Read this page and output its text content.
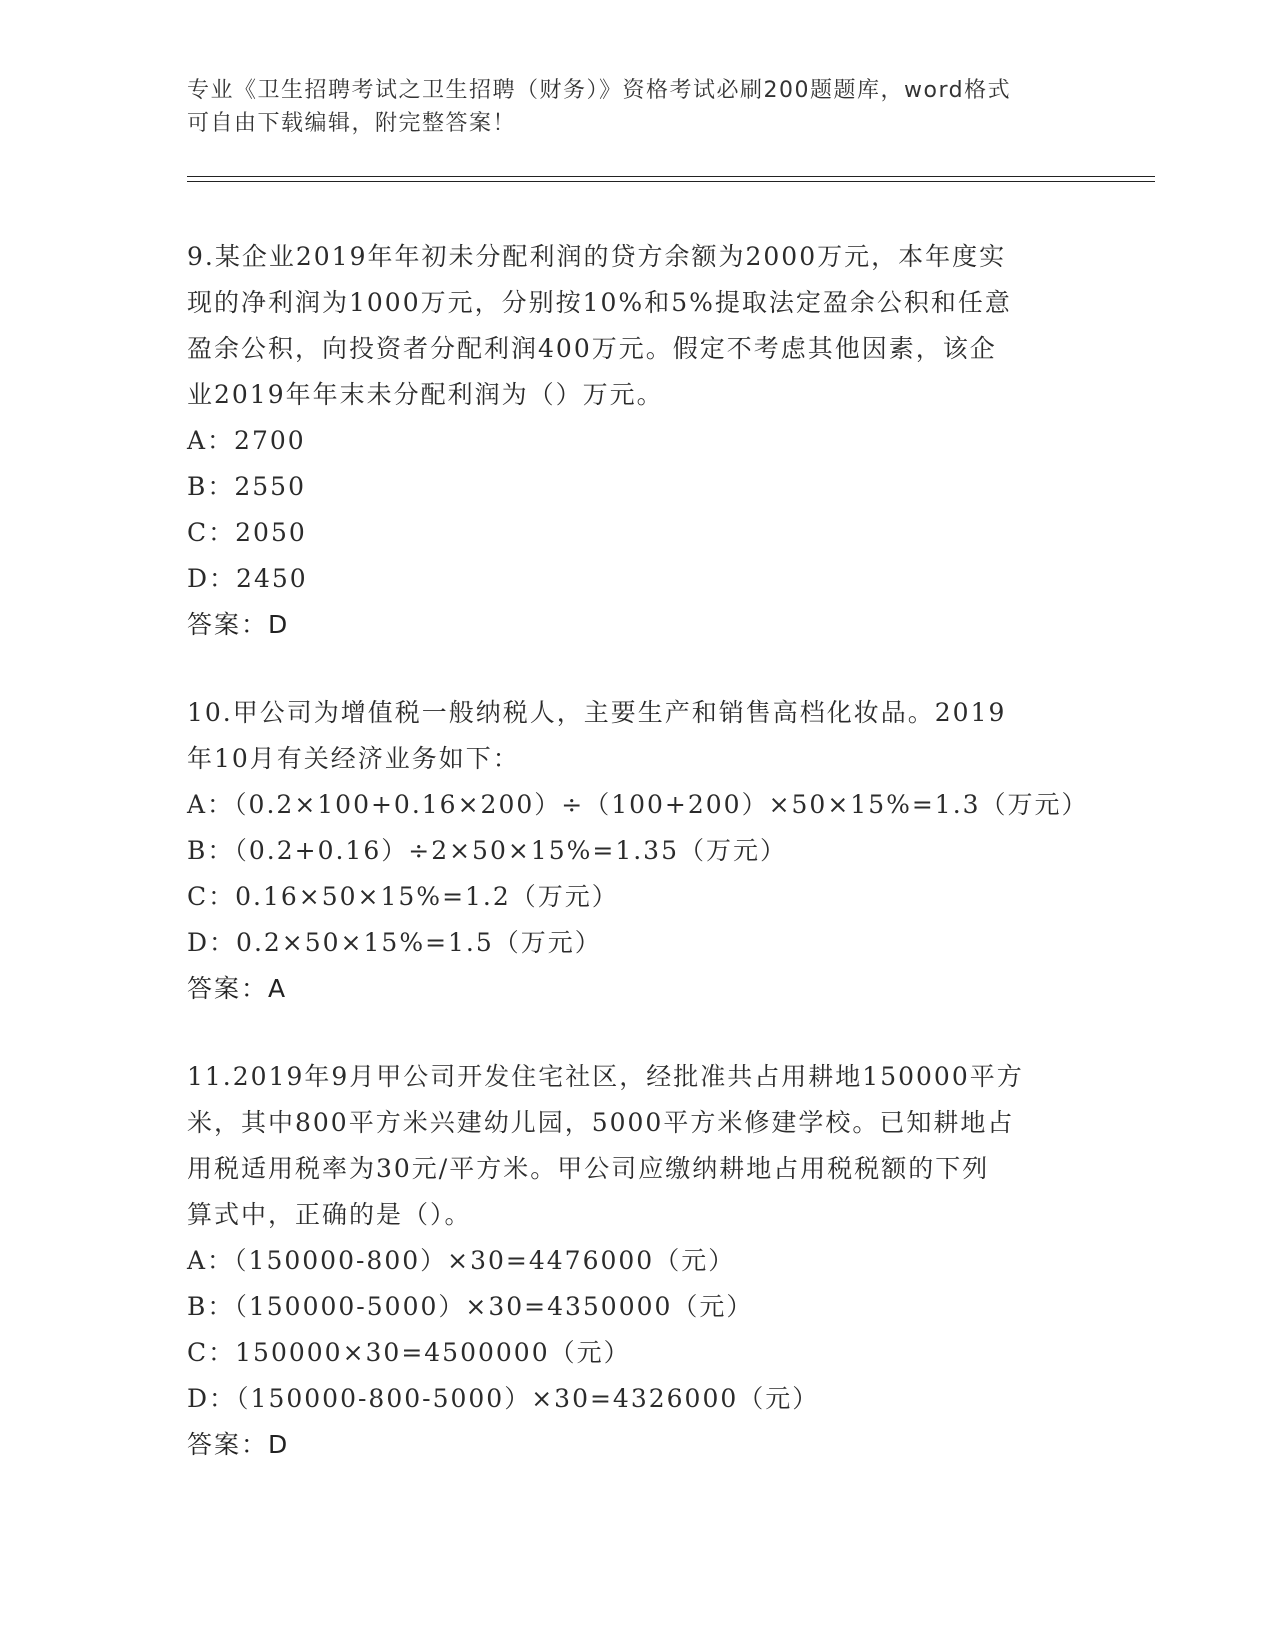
专业《卫生招聘考试之卫生招聘（财务）》资格考试必刷200题题库，word格式
可自由下载编辑，附完整答案！

9.某企业2019年年初未分配利润的贷方余额为2000万元，本年度实

现的净利润为1000万元，分别按10%和5%提取法定盈余公积和任意

盈余公积，向投资者分配利润400万元。假定不考虑其他因素，该企

业2019年年末未分配利润为（）万元。

A：2700

B：2550

C：2050

D：2450

答案：D

10.甲公司为增值税一般纳税人，主要生产和销售高档化妆品。2019

年10月有关经济业务如下：

A：（0.2×100+0.16×200）÷（100+200）×50×15%=1.3（万元）

B：（0.2+0.16）÷2×50×15%=1.35（万元）

C：0.16×50×15%=1.2（万元）

D：0.2×50×15%=1.5（万元）

答案：A

11.2019年9月甲公司开发住宅社区，经批准共占用耕地150000平方

米，其中800平方米兴建幼儿园，5000平方米修建学校。已知耕地占

用税适用税率为30元/平方米。甲公司应缴纳耕地占用税税额的下列

算式中，正确的是（）。

A：（150000-800）×30=4476000（元）

B：（150000-5000）×30=4350000（元）

C：150000×30=4500000（元）

D：（150000-800-5000）×30=4326000（元）

答案：D
